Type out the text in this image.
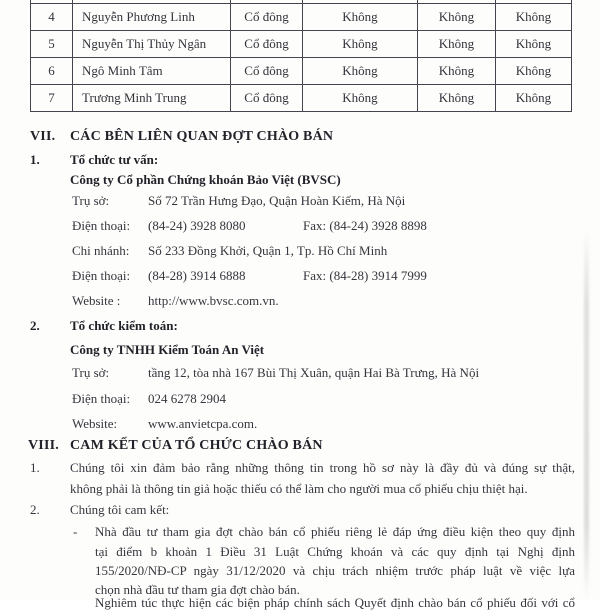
4	Nguyễn Phương Linh	Cổ đông	Không	Không	Không
5	Nguyễn Thị Thủy Ngân	Cổ đông	Không	Không	Không
6	Ngô Minh Tâm	Cổ đông	Không	Không	Không
7	Trương Minh Trung	Cổ đông	Không	Không	Không
VII. CÁC BÊN LIÊN QUAN ĐỢT CHÀO BÁN
1. Tổ chức tư vấn:
Công ty Cổ phần Chứng khoán Bảo Việt (BVSC)
Trụ sở:	Số 72 Trần Hưng Đạo, Quận Hoàn Kiếm, Hà Nội
Điện thoại: (84-24) 3928 8080	Fax: (84-24) 3928 8898
Chi nhánh: Số 233 Đồng Khởi, Quận 1, Tp. Hồ Chí Minh
Điện thoại: (84-28) 3914 6888	Fax: (84-28) 3914 7999
Website : http://www.bvsc.com.vn.
2. Tổ chức kiểm toán:
Công ty TNHH Kiểm Toán An Việt
Trụ sở:	tầng 12, tòa nhà 167 Bùi Thị Xuân, quận Hai Bà Trưng, Hà Nội
Điện thoại: 024 6278 2904
Website: www.anvietcpa.com.
VIII. CAM KẾT CỦA TỔ CHỨC CHÀO BÁN
1. Chúng tôi xin đảm bảo rằng những thông tin trong hồ sơ này là đầy đủ và đúng sự thật,
không phải là thông tin giả hoặc thiếu có thể làm cho người mua cổ phiếu chịu thiệt hại.
2. Chúng tôi cam kết:
- Nhà đầu tư tham gia đợt chào bán cổ phiếu riêng lẻ đáp ứng điều kiện theo quy định
tại điểm b khoản 1 Điều 31 Luật Chứng khoán và các quy định tại Nghị định
155/2020/NĐ-CP ngày 31/12/2020 và chịu trách nhiệm trước pháp luật về việc lựa
chọn nhà đầu tư tham gia đợt chào bán.
Nghiêm túc thực hiện các biện pháp chính sách Quyết định chào bán cổ phiếu đối với cổ
